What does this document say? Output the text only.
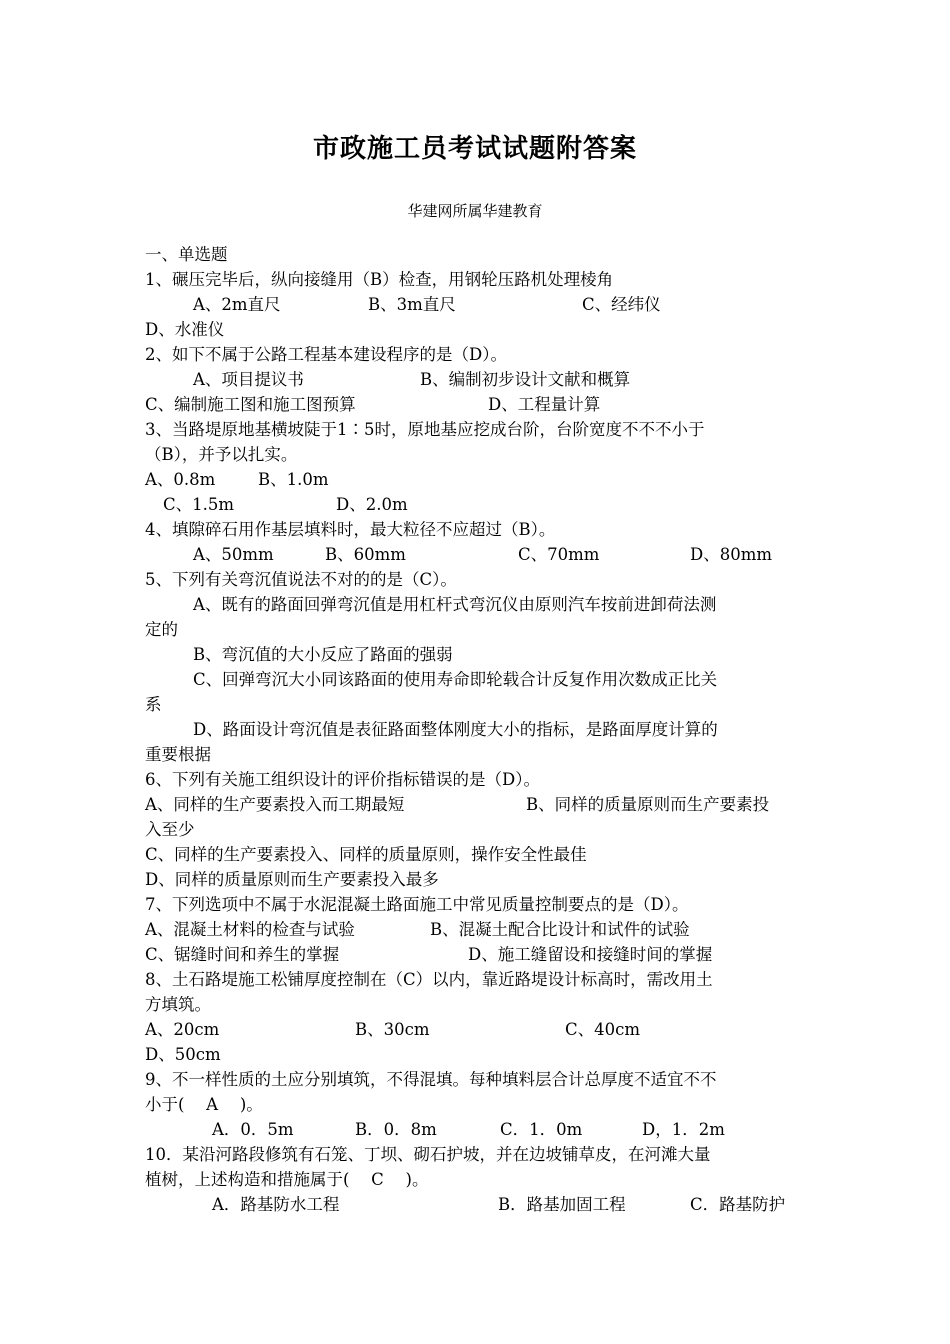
市政施工员考试试题附答案
华建网所属华建教育
一、单选题
1、碾压完毕后，纵向接缝用（B）检查，用钢轮压路机处理棱角
A、2m直尺	B、3m直尺	C、经纬仪
D、水准仪
2、如下不属于公路工程基本建设程序的是（D）。
A、项目提议书	B、编制初步设计文献和概算
C、编制施工图和施工图预算	D、工程量计算
3、当路堤原地基横坡陡于1∶5时，原地基应挖成台阶，台阶宽度不不不小于
（B），并予以扎实。
A、0.8m	B、1.0m
C、1.5m	D、2.0m
4、填隙碎石用作基层填料时，最大粒径不应超过（B）。
A、50mm	B、60mm	C、70mm	D、80mm
5、下列有关弯沉值说法不对的的是（C）。
A、既有的路面回弹弯沉值是用杠杆式弯沉仪由原则汽车按前进卸荷法测
定的
B、弯沉值的大小反应了路面的强弱
C、回弹弯沉大小同该路面的使用寿命即轮载合计反复作用次数成正比关
系
D、路面设计弯沉值是表征路面整体刚度大小的指标，是路面厚度计算的
重要根据
6、下列有关施工组织设计的评价指标错误的是（D）。
A、同样的生产要素投入而工期最短	B、同样的质量原则而生产要素投
入至少
C、同样的生产要素投入、同样的质量原则，操作安全性最佳
D、同样的质量原则而生产要素投入最多
7、下列选项中不属于水泥混凝土路面施工中常见质量控制要点的是（D）。
A、混凝土材料的检查与试验	B、混凝土配合比设计和试件的试验
C、锯缝时间和养生的掌握	D、施工缝留设和接缝时间的掌握
8、土石路堤施工松铺厚度控制在（C）以内，靠近路堤设计标高时，需改用土
方填筑。
A、20cm	B、30cm	C、40cm
D、50cm
9、不一样性质的土应分别填筑，不得混填。每种填料层合计总厚度不适宜不不
小于(　 A　 )。
A．0．5m	B．0．8m	C．1．0m	D，1．2m
10．某沿河路段修筑有石笼、丁坝、砌石护坡，并在边坡铺草皮，在河滩大量
植树，上述构造和措施属于(　 C　 )。
A．路基防水工程	B．路基加固工程	C．路基防护
